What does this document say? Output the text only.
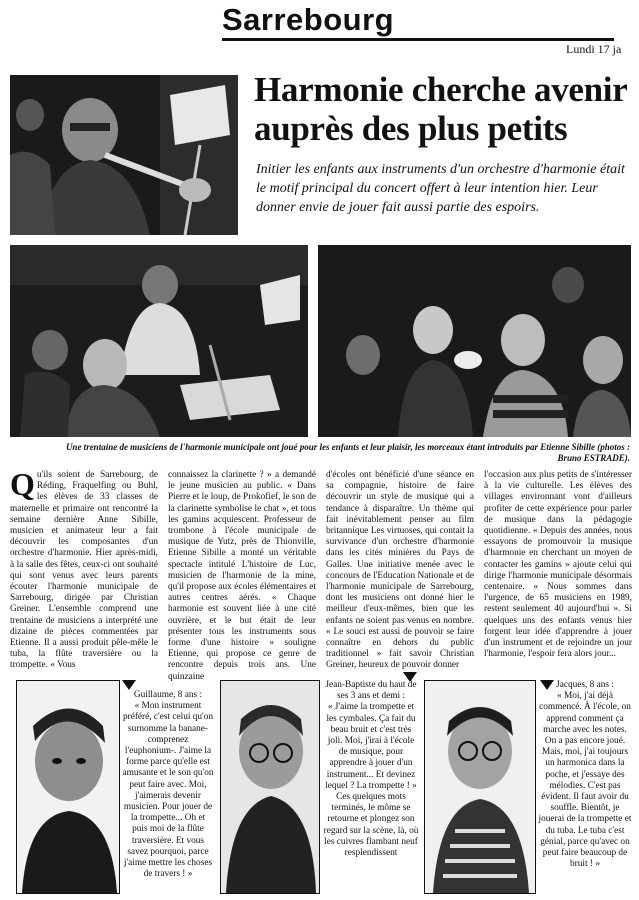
Sarrebourg
Lundi 17 ja
Harmonie cherche avenir auprès des plus petits

Initier les enfants aux instruments d'un orchestre d'harmonie était le motif principal du concert offert à leur intention hier. Leur donner envie de jouer fait aussi partie des espoirs.

Une trentaine de musiciens de l'harmonie municipale ont joué pour les enfants et leur plaisir, les morceaux étant introduits par Etienne Sibille (photos : Bruno ESTRADE).
Q u'ils soient de Sarrebourg, de Réding, Fraquelfing ou Buhl, les élèves de 33 classes de maternelle et primaire ont rencontré la semaine dernière Anne Sibille, musicien et animateur leur a fait découvrir les composantes d'un orchestre d'harmonie. Hier après-midi, à la salle des fêtes, ceux-ci ont souhaité qui sont venus avec leurs parents écouter l'harmonie municipale de Sarrebourg, dirigée par Christian Greiner. L'ensemble comprend une trentaine de musiciens a interprété une dizaine de pièces commentées par Etienne. Il a aussi produit pêle-mêle le tuba, la flûte traversière ou la trompette. « Vous
connaissez la clarinette ? » a demandé le jeune musicien au public. « Dans Pierre et le loup, de Prokofief, le son de la clarinette symbolise le chat », et tous les gamins acquiescent. Professeur de trombone à l'école municipale de musique de Yutz, près de Thionville, Etienne Sibille a monté un véritable spectacle intitulé L'histoire de Luc, musicien de l'harmonie de la mine, qu'il propose aux écoles élémentaires et autres centres aérés. « Chaque harmonie est souvent liée à une cité ouvrière, et le but était de leur présenter tous les instruments sous forme d'une histoire » souligne Etienne, qui propose ce genre de rencontre depuis trois ans. Une quinzaine
d'écoles ont bénéficié d'une séance en sa compagnie, histoire de faire découvrir un style de musique qui a tendance à disparaître. Un thème qui fait inévitablement penser au film britannique Les virtuoses, qui contait la survivance d'un orchestre d'harmonie dans les cités minières du Pays de Galles. Une initiative menée avec le concours de l'Education Nationale et de l'harmonie municipale de Sarrebourg, dont les musiciens ont donné hier le meilleur d'eux-mêmes, bien que les enfants ne soient pas venus en nombre. « Le souci est aussi de pouvoir se faire connaître en dehors du public traditionnel » fait savoir Christian Greiner, heureux de pouvoir donner
l'occasion aux plus petits de s'intéresser à la vie culturelle. Les élèves des villages environnant vont d'ailleurs profiter de cette expérience pour parler de musique dans la pédagogie quotidienne. « Depuis des années, nous essayons de promouvoir la musique d'harmonie en cherchant un moyen de contacter les gamins » ajoute celui qui dirige l'harmonie municipale désormais centenaire. « Nous sommes dans l'urgence, de 65 musiciens en 1989, restent seulement 40 aujourd'hui ». Si quelques uns des enfants venus hier forgent leur idée d'apprendre à jouer d'un instrument et de rejoindre un jour l'harmonie, l'espoir fera alors jour...

Guillaume, 8 ans :

« Mon instrument préféré, c'est celui qu'on surnomme la banane-comprenez l'euphonium-. J'aime la forme parce qu'elle est amusante et le son qu'on peut faire avec. Moi, j'aimerais devenir musicien. Pour jouer de la trompette... Oh et puis moi de la flûte traversière. Et vous savez pourquoi, parce j'aime mettre les choses de travers ! »

Jean-Baptiste du haut de ses 3 ans et demi :

« J'aime la trompette et les cymbales. Ça fait du beau bruit et c'est très joli. Moi, j'irai à l'école de musique, pour apprendre à jouer d'un instrument... Et devinez lequel ? La trompette ! » Ces quelques mots terminés, le môme se retourne et plongez son regard sur la scène, là, où les cuivres flambant neuf resplendissent

Jacques, 8 ans :

« Moi, j'ai déjà commencé. À l'école, on apprend comment ça marche avec les notes. On a pas encore joué. Mais, moi, j'ai toujours un harmonica dans la poche, et j'essaye des mélodies. C'est pas évident. Il faut avoir du souffle. Bientôt, je jouerai de la trompette et du tuba. Le tuba c'est génial, parce qu'avec on peut faire beaucoup de bruit ! »
